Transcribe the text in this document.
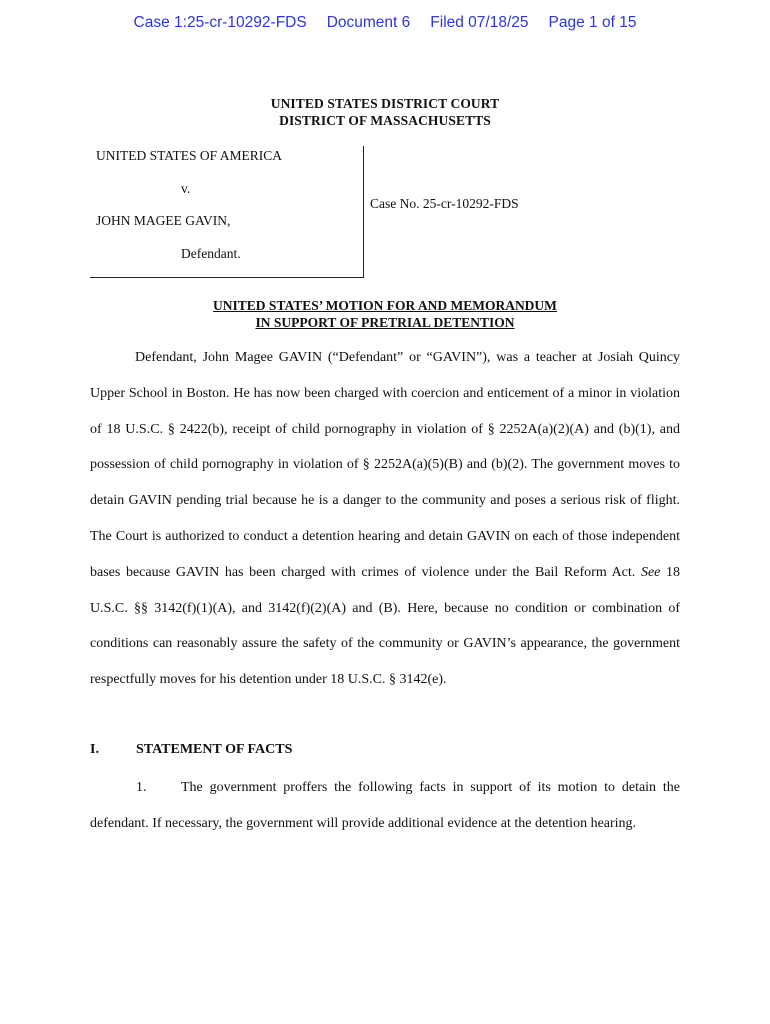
Case 1:25-cr-10292-FDS Document 6 Filed 07/18/25 Page 1 of 15
UNITED STATES DISTRICT COURT
DISTRICT OF MASSACHUSETTS
UNITED STATES OF AMERICA
v.
JOHN MAGEE GAVIN,
Defendant.
Case No. 25-cr-10292-FDS
UNITED STATES’ MOTION FOR AND MEMORANDUM
IN SUPPORT OF PRETRIAL DETENTION
Defendant, John Magee GAVIN (“Defendant” or “GAVIN”), was a teacher at Josiah Quincy Upper School in Boston. He has now been charged with coercion and enticement of a minor in violation of 18 U.S.C. § 2422(b), receipt of child pornography in violation of § 2252A(a)(2)(A) and (b)(1), and possession of child pornography in violation of § 2252A(a)(5)(B) and (b)(2). The government moves to detain GAVIN pending trial because he is a danger to the community and poses a serious risk of flight. The Court is authorized to conduct a detention hearing and detain GAVIN on each of those independent bases because GAVIN has been charged with crimes of violence under the Bail Reform Act. See 18 U.S.C. §§ 3142(f)(1)(A), and 3142(f)(2)(A) and (B). Here, because no condition or combination of conditions can reasonably assure the safety of the community or GAVIN’s appearance, the government respectfully moves for his detention under 18 U.S.C. § 3142(e).
I.	STATEMENT OF FACTS
1. The government proffers the following facts in support of its motion to detain the defendant. If necessary, the government will provide additional evidence at the detention hearing.
